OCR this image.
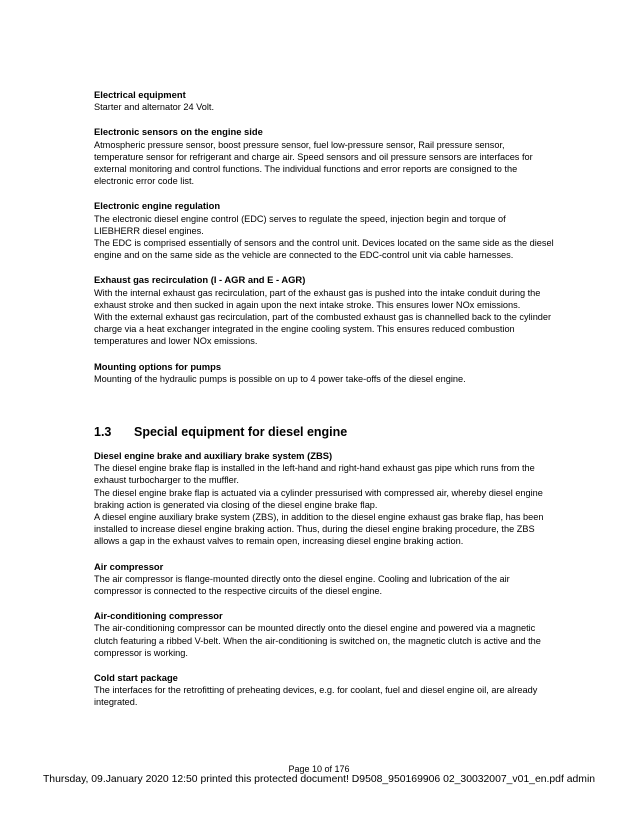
Electrical equipment

Starter and alternator 24 Volt.

Electronic sensors on the engine side

Atmospheric pressure sensor, boost pressure sensor, fuel low-pressure sensor, Rail pressure sensor, temperature sensor for refrigerant and charge air. Speed sensors and oil pressure sensors are interfaces for external monitoring and control functions. The individual functions and error reports are consigned to the electronic error code list.

Electronic engine regulation

The electronic diesel engine control (EDC) serves to regulate the speed, injection begin and torque of LIEBHERR diesel engines.

The EDC is comprised essentially of sensors and the control unit. Devices located on the same side as the diesel engine and on the same side as the vehicle are connected to the EDC-control unit via cable harnesses.

Exhaust gas recirculation (I - AGR and E - AGR)

With the internal exhaust gas recirculation, part of the exhaust gas is pushed into the intake conduit during the exhaust stroke and then sucked in again upon the next intake stroke. This ensures lower NOx emissions.

With the external exhaust gas recirculation, part of the combusted exhaust gas is channelled back to the cylinder charge via a heat exchanger integrated in the engine cooling system. This ensures reduced combustion temperatures and lower NOx emissions.

Mounting options for pumps

Mounting of the hydraulic pumps is possible on up to 4 power take-offs of the diesel engine.

1.3	Special equipment for diesel engine

Diesel engine brake and auxiliary brake system (ZBS)

The diesel engine brake flap is installed in the left-hand and right-hand exhaust gas pipe which runs from the exhaust turbocharger to the muffler.

The diesel engine brake flap is actuated via a cylinder pressurised with compressed air, whereby diesel engine braking action is generated via closing of the diesel engine brake flap.

A diesel engine auxiliary brake system (ZBS), in addition to the diesel engine exhaust gas brake flap, has been installed to increase diesel engine braking action. Thus, during the diesel engine braking procedure, the ZBS allows a gap in the exhaust valves to remain open, increasing diesel engine braking action.

Air compressor

The air compressor is flange-mounted directly onto the diesel engine. Cooling and lubrication of the air compressor is connected to the respective circuits of the diesel engine.

Air-conditioning compressor

The air-conditioning compressor can be mounted directly onto the diesel engine and powered via a magnetic clutch featuring a ribbed V-belt. When the air-conditioning is switched on, the magnetic clutch is active and the compressor is working.

Cold start package

The interfaces for the retrofitting of preheating devices, e.g. for coolant, fuel and diesel engine oil, are already integrated.

Page 10 of 176
Thursday, 09.January 2020 12:50 printed this protected document! D9508_950169906 02_30032007_v01_en.pdf admin
